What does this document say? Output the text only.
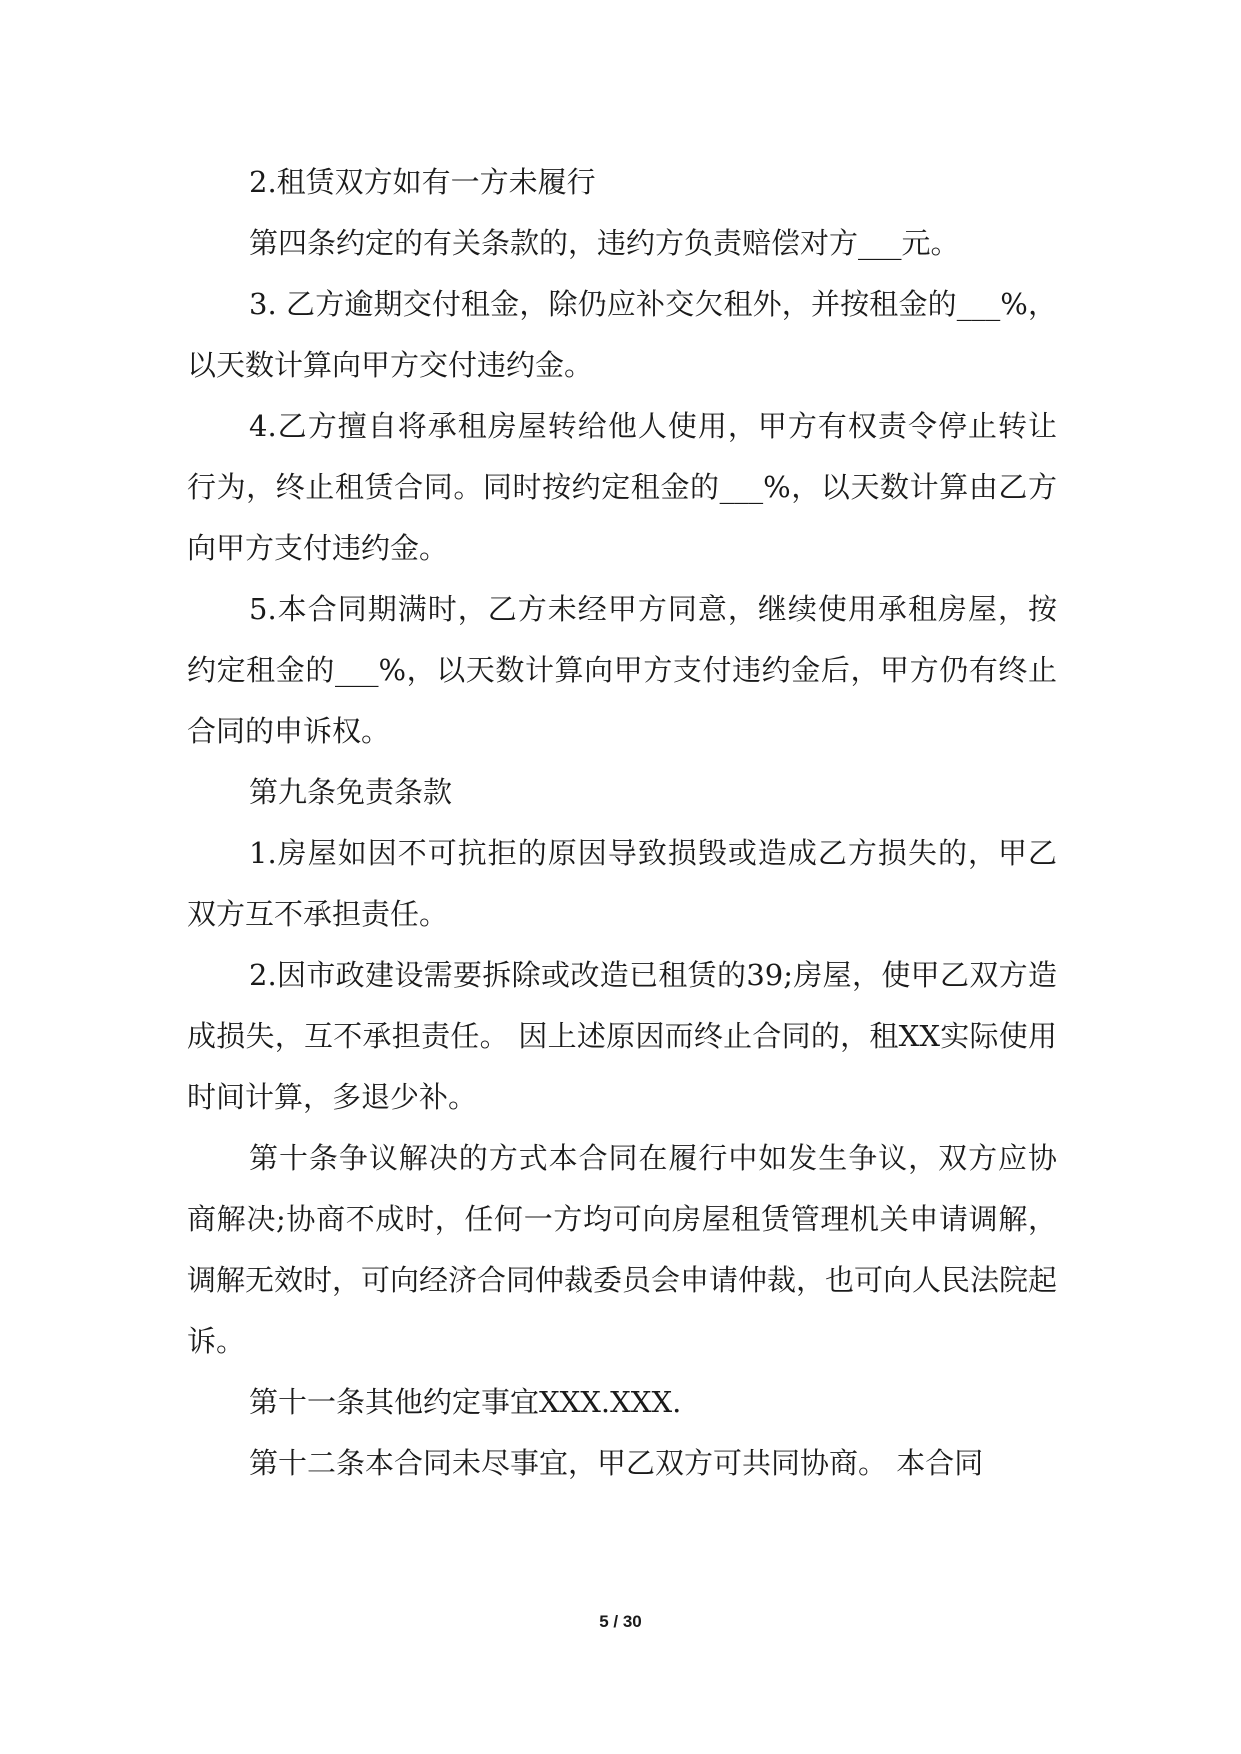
2.租赁双方如有一方未履行

第四条约定的有关条款的，违约方负责赔偿对方___元。

3. 乙方逾期交付租金，除仍应补交欠租外，并按租金的___%，以天数计算向甲方交付违约金。

4.乙方擅自将承租房屋转给他人使用，甲方有权责令停止转让行为，终止租赁合同。同时按约定租金的___%，以天数计算由乙方向甲方支付违约金。

5.本合同期满时，乙方未经甲方同意，继续使用承租房屋，按约定租金的___%，以天数计算向甲方支付违约金后，甲方仍有终止合同的申诉权。

第九条免责条款

1.房屋如因不可抗拒的原因导致损毁或造成乙方损失的，甲乙双方互不承担责任。

2.因市政建设需要拆除或改造已租赁的39;房屋，使甲乙双方造成损失，互不承担责任。 因上述原因而终止合同的，租XX实际使用时间计算，多退少补。

第十条争议解决的方式本合同在履行中如发生争议，双方应协商解决;协商不成时，任何一方均可向房屋租赁管理机关申请调解，调解无效时，可向经济合同仲裁委员会申请仲裁，也可向人民法院起诉。

第十一条其他约定事宜XXX.XXX.

第十二条本合同未尽事宜，甲乙双方可共同协商。 本合同

5 / 30
